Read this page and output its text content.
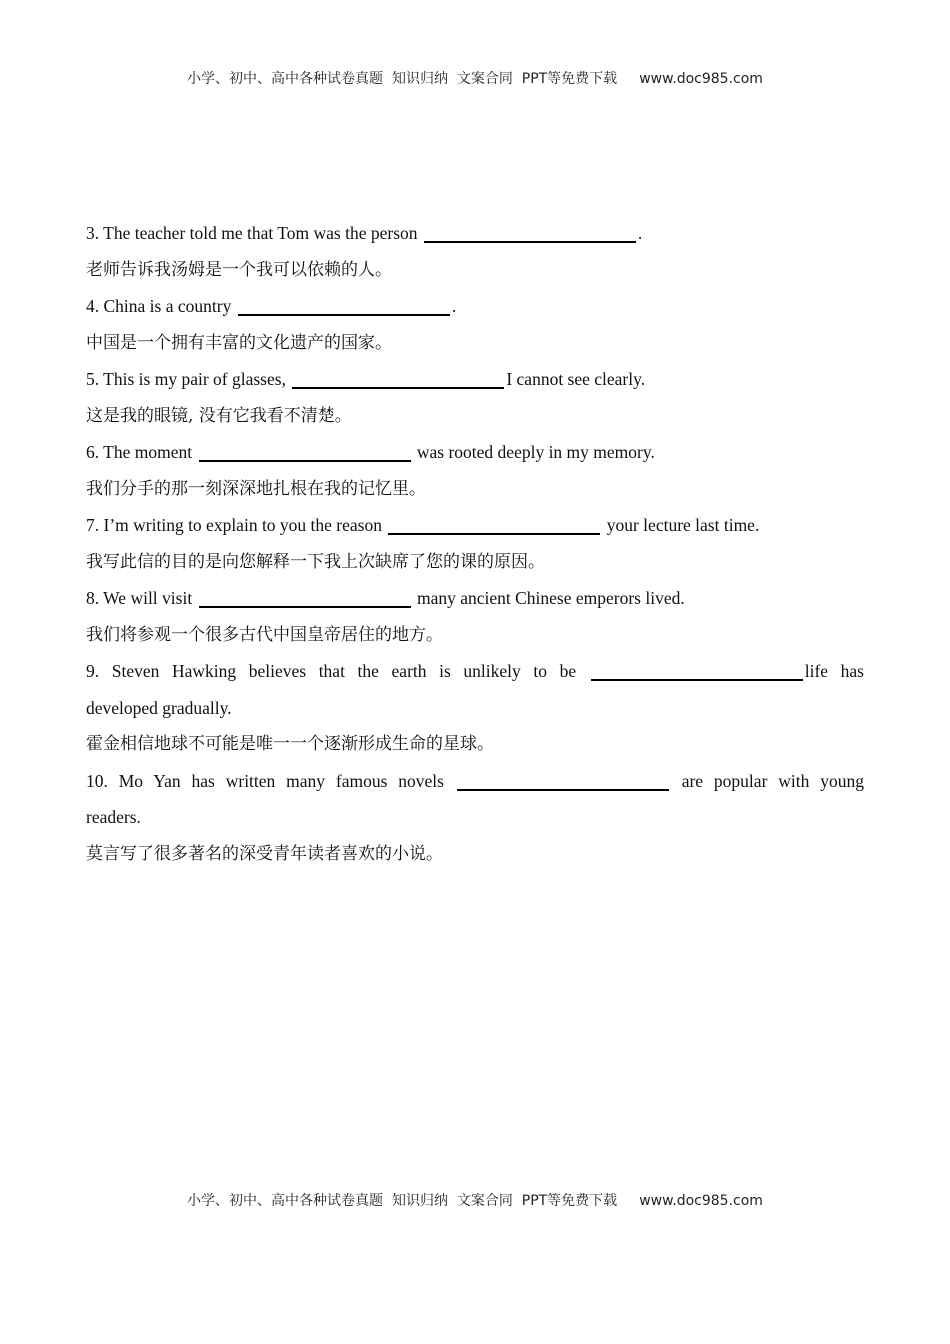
小学、初中、高中各种试卷真题  知识归纳  文案合同  PPT等免费下载 www.doc985.com
3. The teacher told me that Tom was the person	.
老师告诉我汤姆是一个我可以依赖的人。
4. China is a country	.
中国是一个拥有丰富的文化遗产的国家。
5. This is my pair of glasses,	I cannot see clearly.
这是我的眼镜, 没有它我看不清楚。
6. The moment	was rooted deeply in my memory.
我们分手的那一刻深深地扎根在我的记忆里。
7. I’m writing to explain to you the reason	your lecture last time.
我写此信的目的是向您解释一下我上次缺席了您的课的原因。
8. We will visit	many ancient Chinese emperors lived.
我们将参观一个很多古代中国皇帝居住的地方。
9. Steven Hawking believes that the earth is unlikely to be	life has
developed gradually.
霍金相信地球不可能是唯一一个逐渐形成生命的星球。
10. Mo Yan has written many famous novels	are popular with young
readers.
莫言写了很多著名的深受青年读者喜欢的小说。
小学、初中、高中各种试卷真题  知识归纳  文案合同  PPT等免费下载 www.doc985.com
